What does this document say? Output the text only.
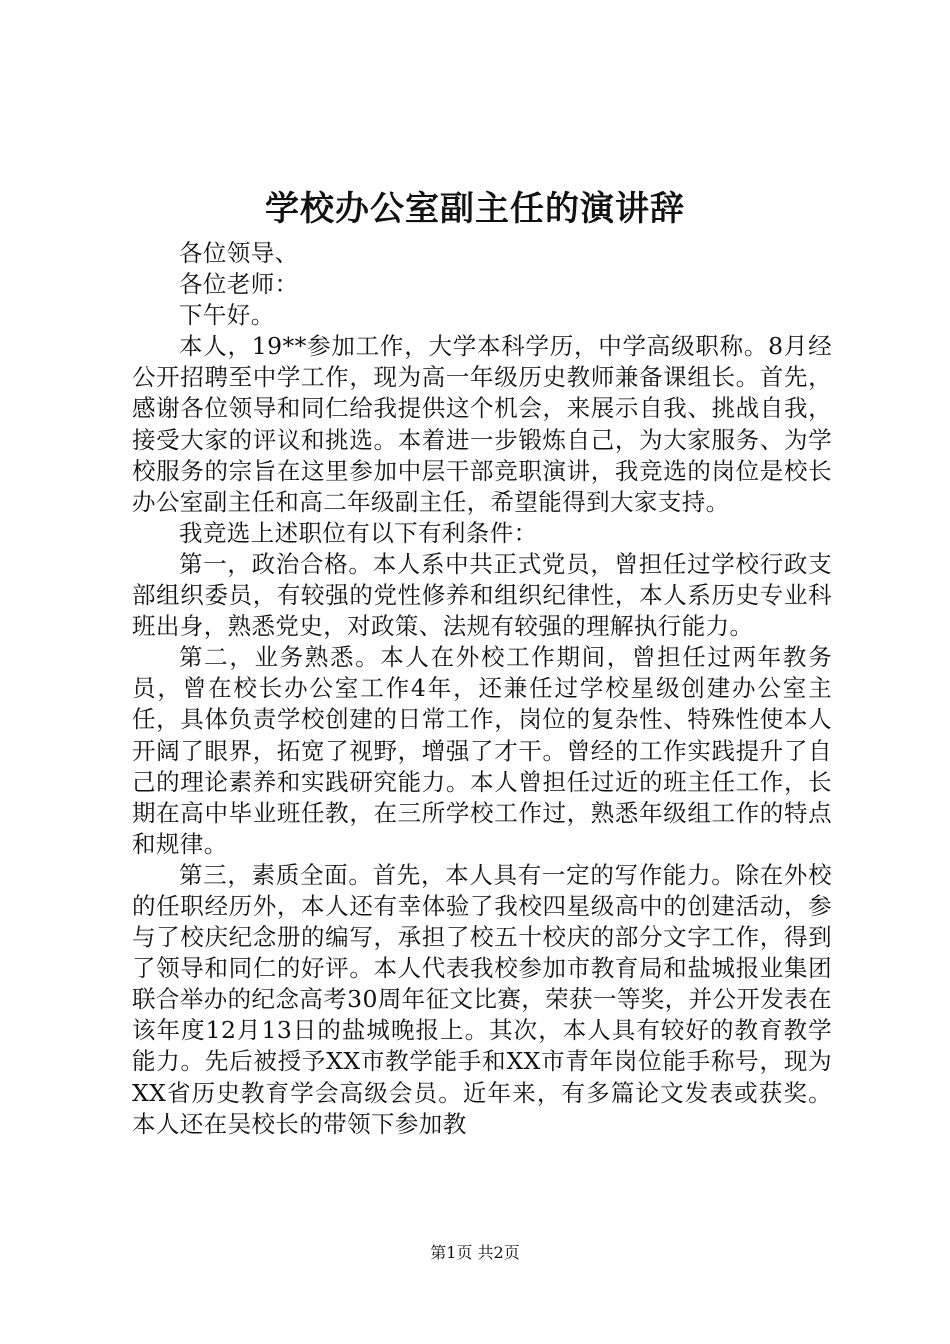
学校办公室副主任的演讲辞

各位领导、

各位老师：

下午好。

本人，19**参加工作，大学本科学历，中学高级职称。8月经公开招聘至中学工作，现为高一年级历史教师兼备课组长。首先，感谢各位领导和同仁给我提供这个机会，来展示自我、挑战自我，接受大家的评议和挑选。本着进一步锻炼自己，为大家服务、为学校服务的宗旨在这里参加中层干部竞职演讲，我竞选的岗位是校长办公室副主任和高二年级副主任，希望能得到大家支持。

我竞选上述职位有以下有利条件：

第一，政治合格。本人系中共正式党员，曾担任过学校行政支部组织委员，有较强的党性修养和组织纪律性，本人系历史专业科班出身，熟悉党史，对政策、法规有较强的理解执行能力。

第二，业务熟悉。本人在外校工作期间，曾担任过两年教务员，曾在校长办公室工作4年，还兼任过学校星级创建办公室主任，具体负责学校创建的日常工作，岗位的复杂性、特殊性使本人开阔了眼界，拓宽了视野，增强了才干。曾经的工作实践提升了自己的理论素养和实践研究能力。本人曾担任过近的班主任工作，长期在高中毕业班任教，在三所学校工作过，熟悉年级组工作的特点和规律。

第三，素质全面。首先，本人具有一定的写作能力。除在外校的任职经历外，本人还有幸体验了我校四星级高中的创建活动，参与了校庆纪念册的编写，承担了校五十校庆的部分文字工作，得到了领导和同仁的好评。本人代表我校参加市教育局和盐城报业集团联合举办的纪念高考30周年征文比赛，荣获一等奖，并公开发表在该年度12月13日的盐城晚报上。其次，本人具有较好的教育教学能力。先后被授予XX市教学能手和XX市青年岗位能手称号，现为XX省历史教育学会高级会员。近年来，有多篇论文发表或获奖。本人还在吴校长的带领下参加教

第1页 共2页
